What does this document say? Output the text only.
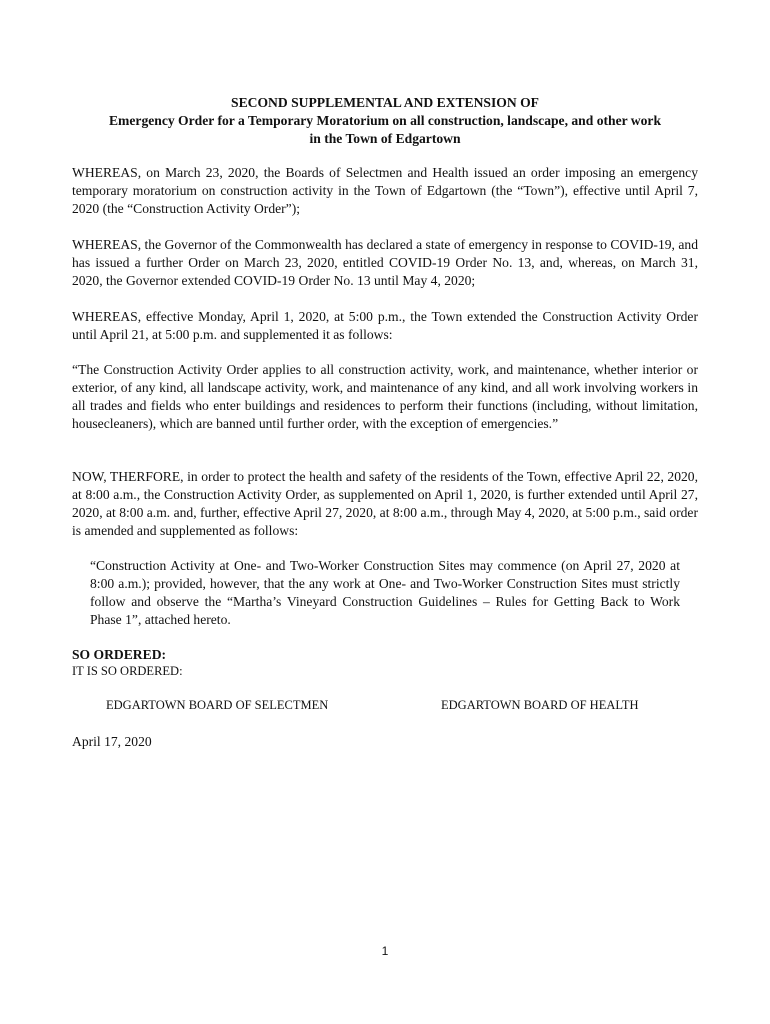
SECOND SUPPLEMENTAL AND EXTENSION OF
Emergency Order for a Temporary Moratorium on all construction, landscape, and other work
in the Town of Edgartown

WHEREAS, on March 23, 2020, the Boards of Selectmen and Health issued an order imposing an emergency temporary moratorium on construction activity in the Town of Edgartown (the “Town”), effective until April 7, 2020 (the “Construction Activity Order”);

WHEREAS, the Governor of the Commonwealth has declared a state of emergency in response to COVID-19, and has issued a further Order on March 23, 2020, entitled COVID-19 Order No. 13, and, whereas, on March 31, 2020, the Governor extended COVID-19 Order No. 13 until May 4, 2020;

WHEREAS, effective Monday, April 1, 2020, at 5:00 p.m., the Town extended the Construction Activity Order until April 21, at 5:00 p.m. and supplemented it as follows:

“The Construction Activity Order applies to all construction activity, work, and maintenance, whether interior or exterior, of any kind, all landscape activity, work, and maintenance of any kind, and all work involving workers in all trades and fields who enter buildings and residences to perform their functions (including, without limitation, housecleaners), which are banned until further order, with the exception of emergencies.”

NOW, THERFORE, in order to protect the health and safety of the residents of the Town, effective April 22, 2020, at 8:00 a.m., the Construction Activity Order, as supplemented on April 1, 2020, is further extended until April 27, 2020, at 8:00 a.m. and, further, effective April 27, 2020, at 8:00 a.m., through May 4, 2020, at 5:00 p.m., said order is amended and supplemented as follows:

“Construction Activity at One- and Two-Worker Construction Sites may commence (on April 27, 2020 at 8:00 a.m.); provided, however, that the any work at One- and Two-Worker Construction Sites must strictly follow and observe the “Martha’s Vineyard Construction Guidelines – Rules for Getting Back to Work Phase 1”, attached hereto.

SO ORDERED:
IT IS SO ORDERED:
EDGARTOWN BOARD OF SELECTMEN	EDGARTOWN BOARD OF HEALTH
April 17, 2020
1
